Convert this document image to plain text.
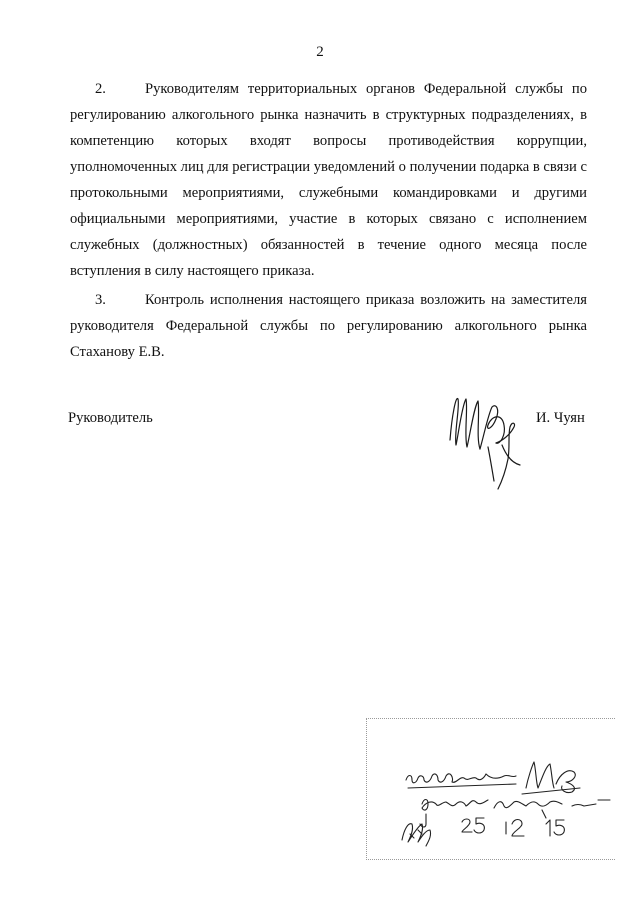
2

2.	Руководителям территориальных органов Федеральной службы по регулированию алкогольного рынка назначить в структурных подразделениях, в компетенцию которых входят вопросы противодействия коррупции, уполномоченных лиц для регистрации уведомлений о получении подарка в связи с протокольными мероприятиями, служебными командировками и другими официальными мероприятиями, участие в которых связано с исполнением служебных (должностных) обязанностей в течение одного месяца после вступления в силу настоящего приказа.

3.	Контроль исполнения настоящего приказа возложить на заместителя руководителя Федеральной службы по регулированию алкогольного рынка Стаханову Е.В.

Руководитель	И. Чуян
